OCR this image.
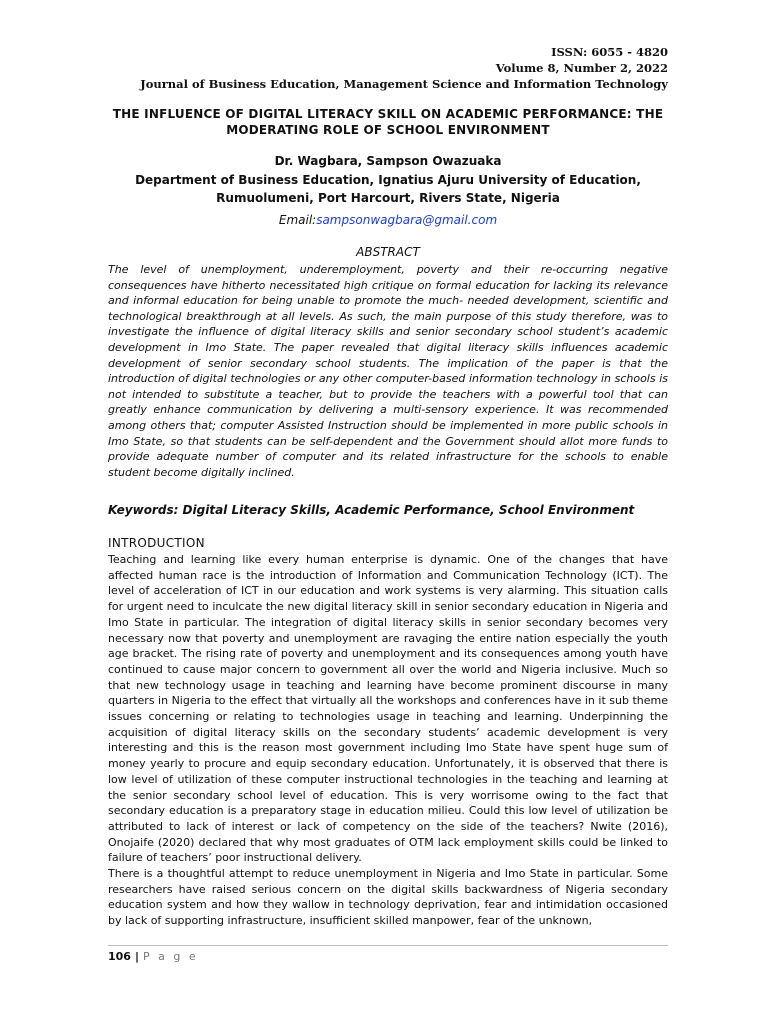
ISSN: 6055 - 4820
Volume 8, Number 2, 2022
Journal of Business Education, Management Science and Information Technology
THE INFLUENCE OF DIGITAL LITERACY SKILL ON ACADEMIC PERFORMANCE: THE
MODERATING ROLE OF SCHOOL ENVIRONMENT
Dr. Wagbara, Sampson Owazuaka
Department of Business Education, Ignatius Ajuru University of Education,
Rumuolumeni, Port Harcourt, Rivers State, Nigeria
Email:sampsonwagbara@gmail.com
ABSTRACT
The level of unemployment, underemployment, poverty and their re-occurring negative consequences have hitherto necessitated high critique on formal education for lacking its relevance and informal education for being unable to promote the much- needed development, scientific and technological breakthrough at all levels. As such, the main purpose of this study therefore, was to investigate the influence of digital literacy skills and senior secondary school student’s academic development in Imo State. The paper revealed that digital literacy skills influences academic development of senior secondary school students. The implication of the paper is that the introduction of digital technologies or any other computer-based information technology in schools is not intended to substitute a teacher, but to provide the teachers with a powerful tool that can greatly enhance communication by delivering a multi-sensory experience. It was recommended among others that; computer Assisted Instruction should be implemented in more public schools in Imo State, so that students can be self-dependent and the Government should allot more funds to provide adequate number of computer and its related infrastructure for the schools to enable student become digitally inclined.
Keywords: Digital Literacy Skills, Academic Performance, School Environment
INTRODUCTION

Teaching and learning like every human enterprise is dynamic. One of the changes that have affected human race is the introduction of Information and Communication Technology (ICT). The level of acceleration of ICT in our education and work systems is very alarming. This situation calls for urgent need to inculcate the new digital literacy skill in senior secondary education in Nigeria and Imo State in particular. The integration of digital literacy skills in senior secondary becomes very necessary now that poverty and unemployment are ravaging the entire nation especially the youth age bracket. The rising rate of poverty and unemployment and its consequences among youth have continued to cause major concern to government all over the world and Nigeria inclusive. Much so that new technology usage in teaching and learning have become prominent discourse in many quarters in Nigeria to the effect that virtually all the workshops and conferences have in it sub theme issues concerning or relating to technologies usage in teaching and learning. Underpinning the acquisition of digital literacy skills on the secondary students’ academic development is very interesting and this is the reason most government including Imo State have spent huge sum of money yearly to procure and equip secondary education. Unfortunately, it is observed that there is low level of utilization of these computer instructional technologies in the teaching and learning at the senior secondary school level of education. This is very worrisome owing to the fact that secondary education is a preparatory stage in education milieu. Could this low level of utilization be attributed to lack of interest or lack of competency on the side of the teachers? Nwite (2016), Onojaife (2020) declared that why most graduates of OTM lack employment skills could be linked to failure of teachers’ poor instructional delivery.

There is a thoughtful attempt to reduce unemployment in Nigeria and Imo State in particular. Some researchers have raised serious concern on the digital skills backwardness of Nigeria secondary education system and how they wallow in technology deprivation, fear and intimidation occasioned by lack of supporting infrastructure, insufficient skilled manpower, fear of the unknown,

106 | P a g e
